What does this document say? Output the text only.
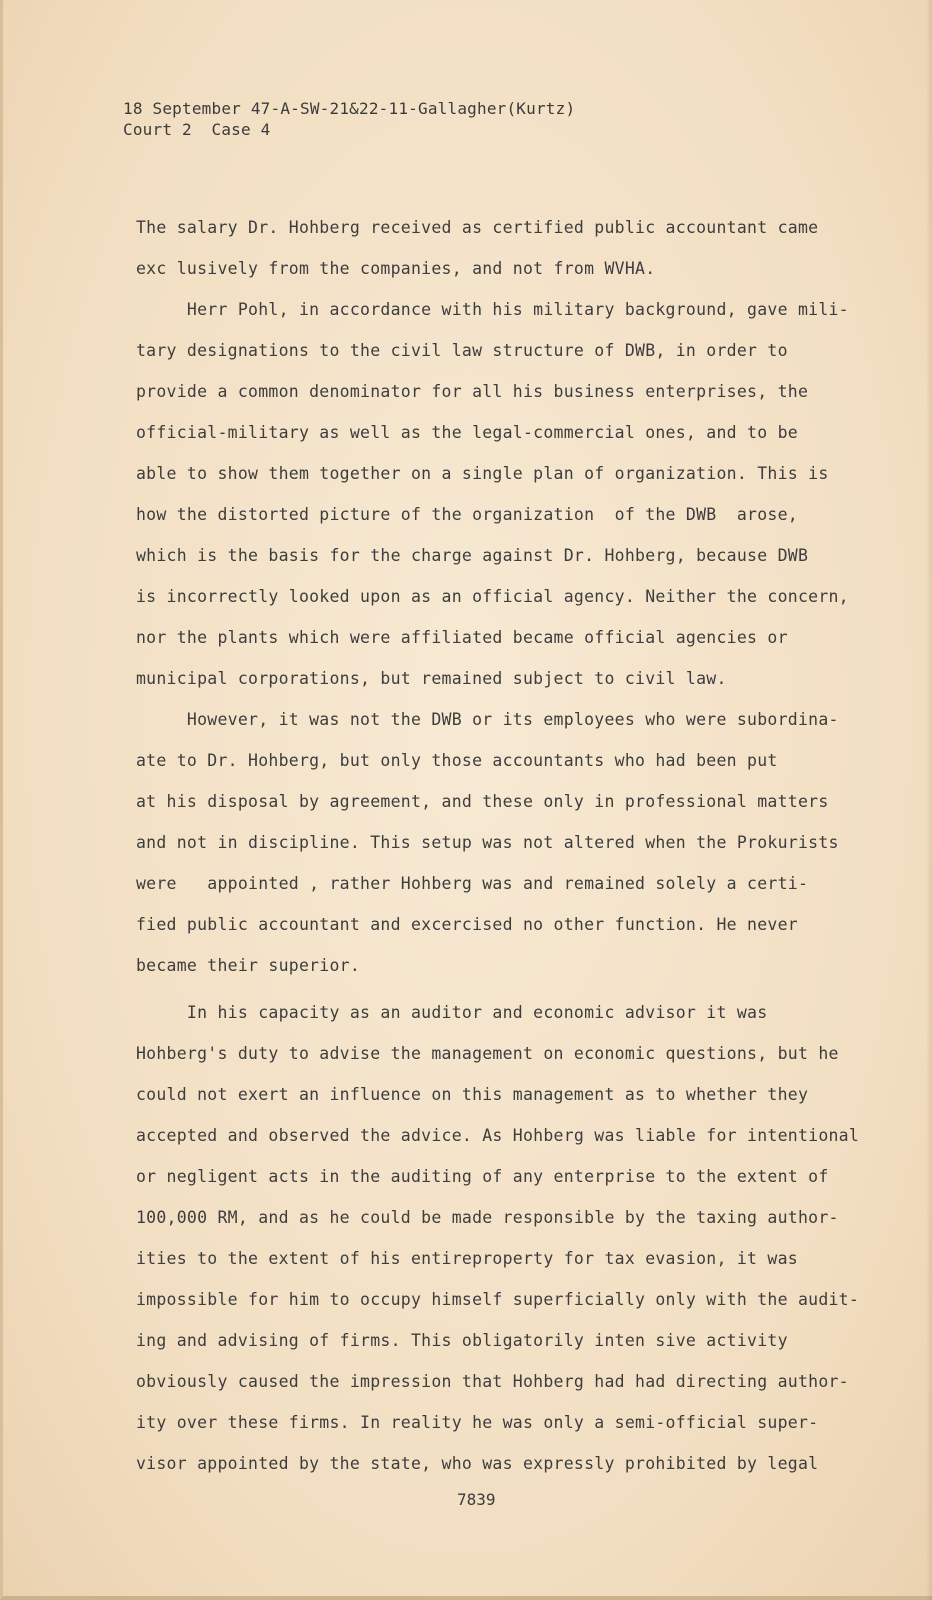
18 September 47-A-SW-21&22-11-Gallagher(Kurtz)
Court 2  Case 4
The salary Dr. Hohberg received as certified public accountant came
exc lusively from the companies, and not from WVHA.
Herr Pohl, in accordance with his military background, gave mili-
tary designations to the civil law structure of DWB, in order to
provide a common denominator for all his business enterprises, the
official-military as well as the legal-commercial ones, and to be
able to show them together on a single plan of organization. This is
how the distorted picture of the organization  of the DWB  arose,
which is the basis for the charge against Dr. Hohberg, because DWB
is incorrectly looked upon as an official agency. Neither the concern,
nor the plants which were affiliated became official agencies or
municipal corporations, but remained subject to civil law.
However, it was not the DWB or its employees who were subordina-
ate to Dr. Hohberg, but only those accountants who had been put
at his disposal by agreement, and these only in professional matters
and not in discipline. This setup was not altered when the Prokurists
were   appointed , rather Hohberg was and remained solely a certi-
fied public accountant and excercised no other function. He never
became their superior.
In his capacity as an auditor and economic advisor it was
Hohberg's duty to advise the management on economic questions, but he
could not exert an influence on this management as to whether they
accepted and observed the advice. As Hohberg was liable for intentional
or negligent acts in the auditing of any enterprise to the extent of
100,000 RM, and as he could be made responsible by the taxing author-
ities to the extent of his entireproperty for tax evasion, it was
impossible for him to occupy himself superficially only with the audit-
ing and advising of firms. This obligatorily inten sive activity
obviously caused the impression that Hohberg had had directing author-
ity over these firms. In reality he was only a semi-official super-
visor appointed by the state, who was expressly prohibited by legal
7839
